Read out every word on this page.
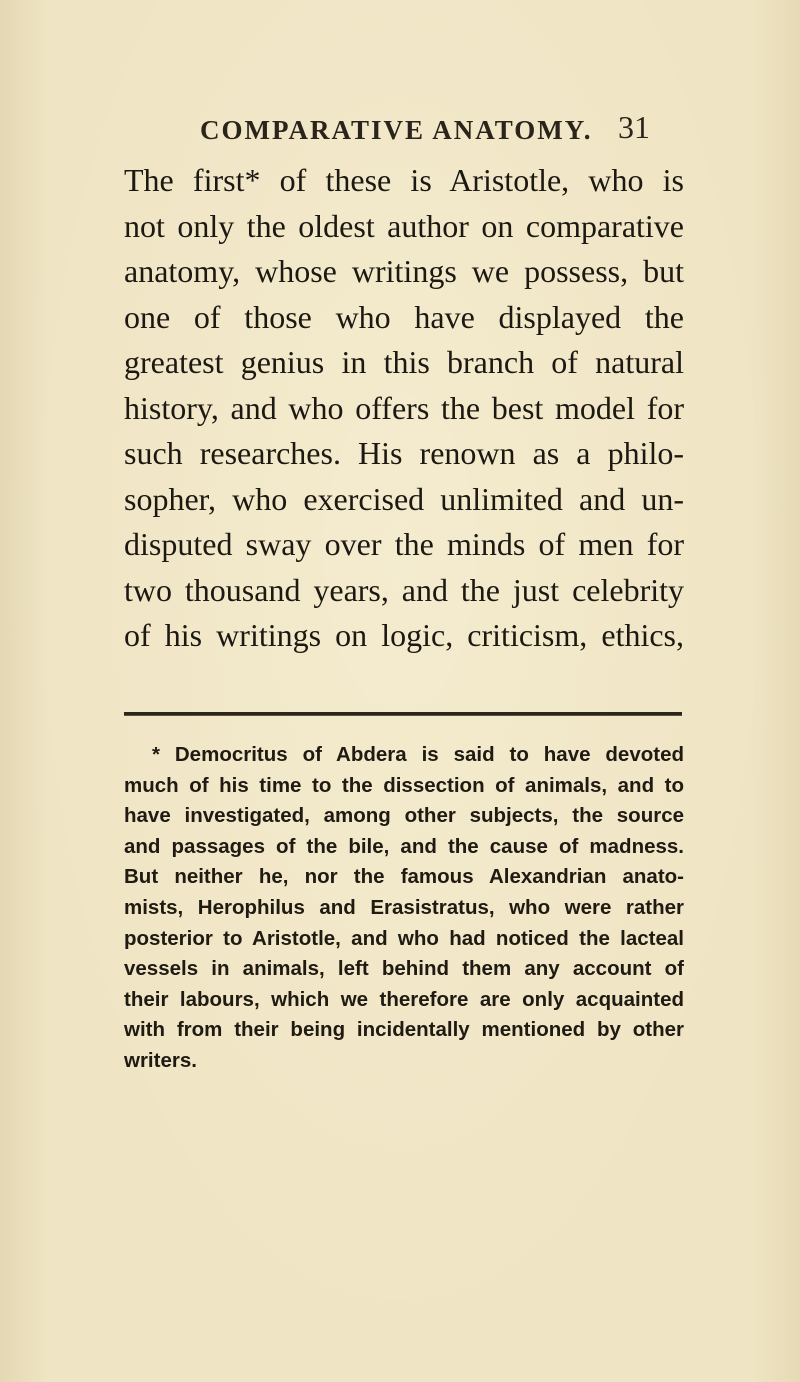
COMPARATIVE ANATOMY. 31
The first* of these is Aristotle, who is
not only the oldest author on comparative
anatomy, whose writings we possess, but
one of those who have displayed the
greatest genius in this branch of natural
history, and who offers the best model for
such researches. His renown as a philo-
sopher, who exercised unlimited and un-
disputed sway over the minds of men for
two thousand years, and the just celebrity
of his writings on logic, criticism, ethics,
* Democritus of Abdera is said to have devoted
much of his time to the dissection of animals, and to
have investigated, among other subjects, the source
and passages of the bile, and the cause of madness.
But neither he, nor the famous Alexandrian anato-
mists, Herophilus and Erasistratus, who were rather
posterior to Aristotle, and who had noticed the lacteal
vessels in animals, left behind them any account of
their labours, which we therefore are only acquainted
with from their being incidentally mentioned by other
writers.
